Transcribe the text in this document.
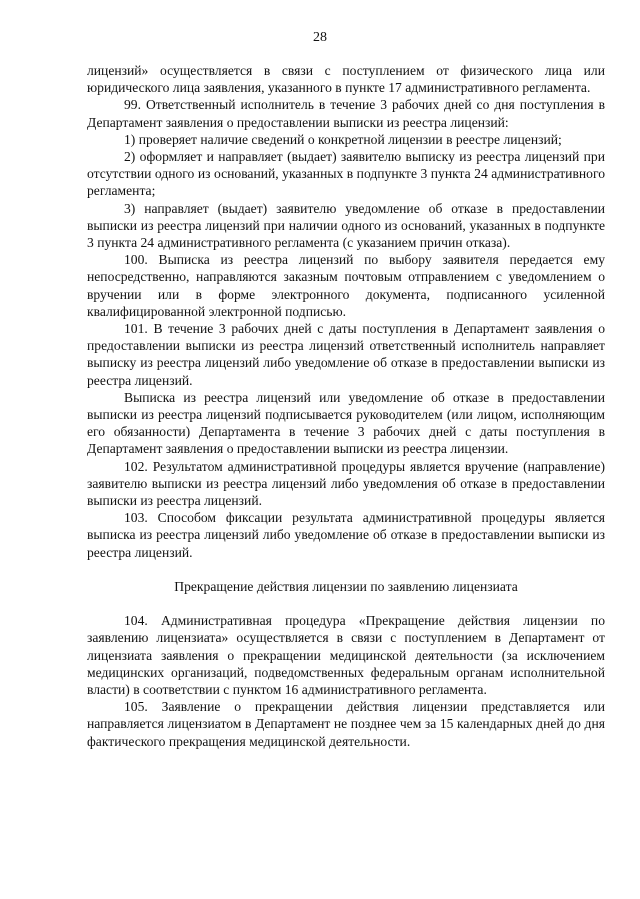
28

лицензий» осуществляется в связи с поступлением от физического лица или юридического лица заявления, указанного в пункте 17 административного регламента.

99. Ответственный исполнитель в течение 3 рабочих дней со дня поступления в Департамент заявления о предоставлении выписки из реестра лицензий:

1) проверяет наличие сведений о конкретной лицензии в реестре лицензий;

2) оформляет и направляет (выдает) заявителю выписку из реестра лицензий при отсутствии одного из оснований, указанных в подпункте 3 пункта 24 административного регламента;

3) направляет (выдает) заявителю уведомление об отказе в предоставлении выписки из реестра лицензий при наличии одного из оснований, указанных в подпункте 3 пункта 24 административного регламента (с указанием причин отказа).

100. Выписка из реестра лицензий по выбору заявителя передается ему непосредственно, направляются заказным почтовым отправлением с уведомлением о вручении или в форме электронного документа, подписанного усиленной квалифицированной электронной подписью.

101. В течение 3 рабочих дней с даты поступления в Департамент заявления о предоставлении выписки из реестра лицензий ответственный исполнитель направляет выписку из реестра лицензий либо уведомление об отказе в предоставлении выписки из реестра лицензий.

Выписка из реестра лицензий или уведомление об отказе в предоставлении выписки из реестра лицензий подписывается руководителем (или лицом, исполняющим его обязанности) Департамента в течение 3 рабочих дней с даты поступления в Департамент заявления о предоставлении выписки из реестра лицензии.

102. Результатом административной процедуры является вручение (направление) заявителю выписки из реестра лицензий либо уведомления об отказе в предоставлении выписки из реестра лицензий.

103. Способом фиксации результата административной процедуры является выписка из реестра лицензий либо уведомление об отказе в предоставлении выписки из реестра лицензий.

Прекращение действия лицензии по заявлению лицензиата

104. Административная процедура «Прекращение действия лицензии по заявлению лицензиата» осуществляется в связи с поступлением в Департамент от лицензиата заявления о прекращении медицинской деятельности (за исключением медицинских организаций, подведомственных федеральным органам исполнительной власти) в соответствии с пунктом 16 административного регламента.

105. Заявление о прекращении действия лицензии представляется или направляется лицензиатом в Департамент не позднее чем за 15 календарных дней до дня фактического прекращения медицинской деятельности.
